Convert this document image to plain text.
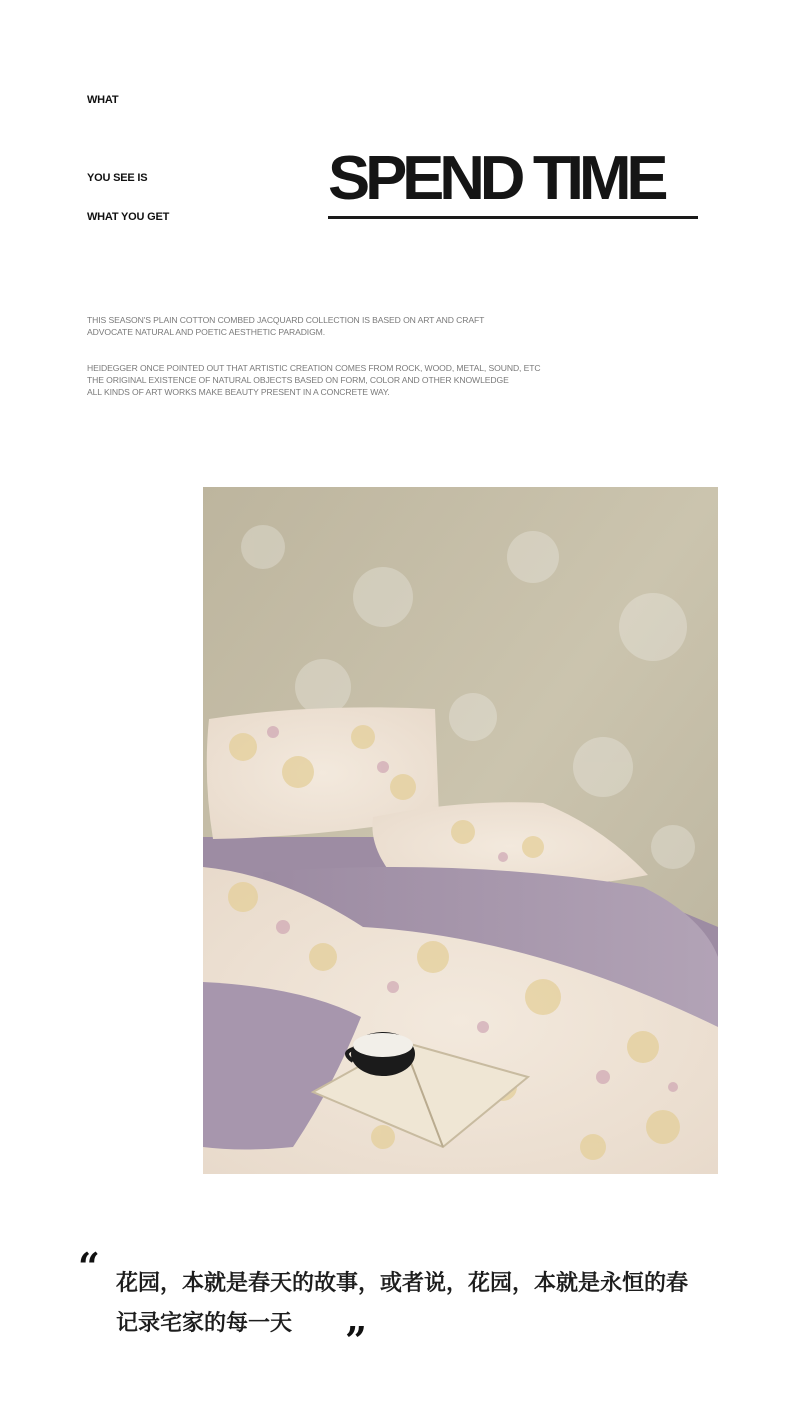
WHAT
YOU SEE IS
WHAT YOU GET
SPEND TIME
THIS SEASON'S PLAIN COTTON COMBED JACQUARD COLLECTION IS BASED ON ART AND CRAFT
ADVOCATE NATURAL AND POETIC AESTHETIC PARADIGM.
HEIDEGGER ONCE POINTED OUT THAT ARTISTIC CREATION COMES FROM ROCK, WOOD, METAL, SOUND, ETC
THE ORIGINAL EXISTENCE OF NATURAL OBJECTS BASED ON FORM, COLOR AND OTHER KNOWLEDGE
ALL KINDS OF ART WORKS MAKE BEAUTY PRESENT IN A CONCRETE WAY.
“ 花园，本就是春天的故事，或者说，花园，本就是永恒的春
记录宅家的每一天	”
